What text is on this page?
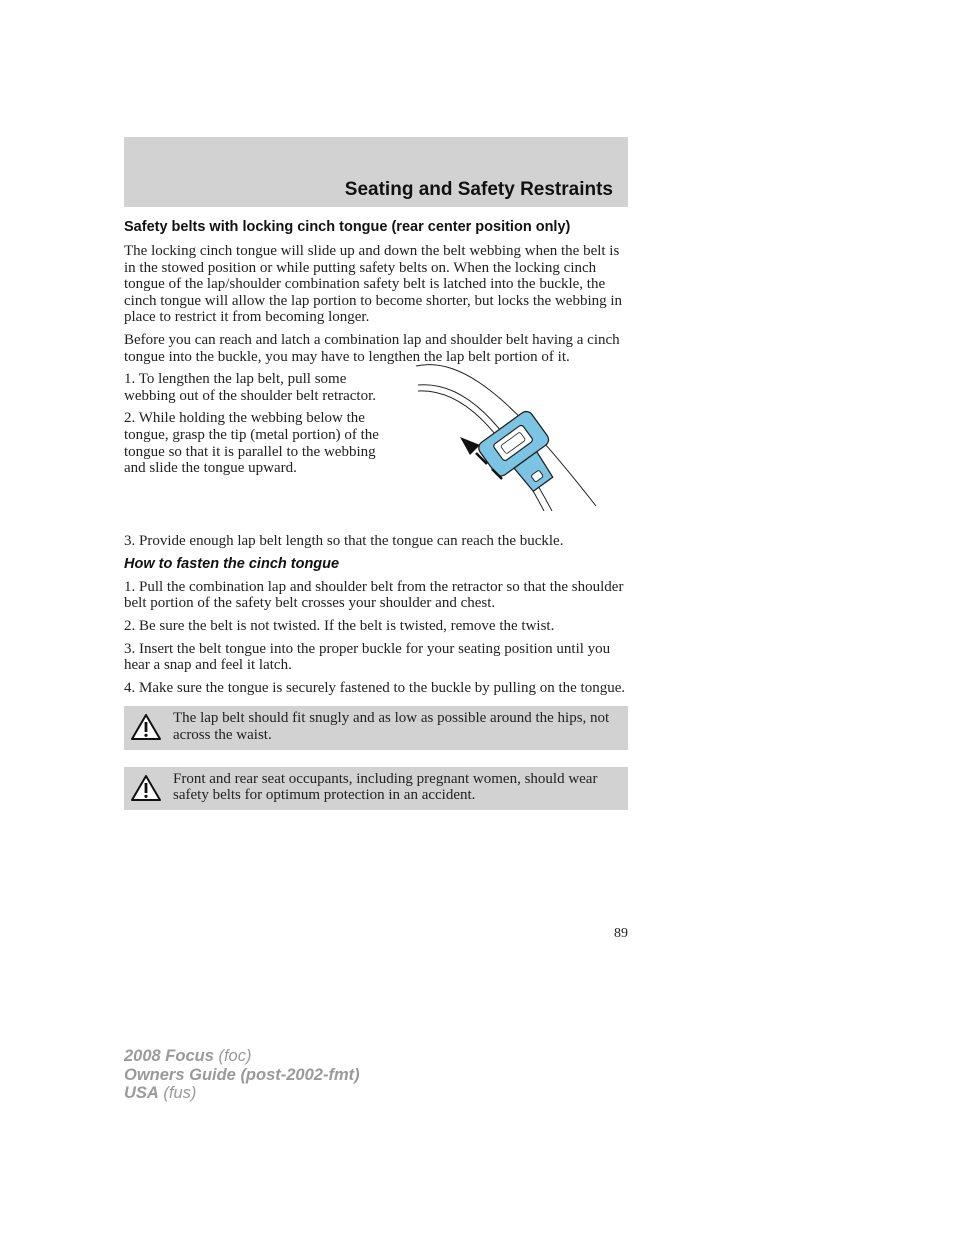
Seating and Safety Restraints
Safety belts with locking cinch tongue (rear center position only)

The locking cinch tongue will slide up and down the belt webbing when the belt is in the stowed position or while putting safety belts on. When the locking cinch tongue of the lap/shoulder combination safety belt is latched into the buckle, the cinch tongue will allow the lap portion to become shorter, but locks the webbing in place to restrict it from becoming longer.

Before you can reach and latch a combination lap and shoulder belt having a cinch tongue into the buckle, you may have to lengthen the lap belt portion of it.

1. To lengthen the lap belt, pull some webbing out of the shoulder belt retractor.

2. While holding the webbing below the tongue, grasp the tip (metal portion) of the tongue so that it is parallel to the webbing and slide the tongue upward.

3. Provide enough lap belt length so that the tongue can reach the buckle.

How to fasten the cinch tongue

1. Pull the combination lap and shoulder belt from the retractor so that the shoulder belt portion of the safety belt crosses your shoulder and chest.

2. Be sure the belt is not twisted. If the belt is twisted, remove the twist.

3. Insert the belt tongue into the proper buckle for your seating position until you hear a snap and feel it latch.

4. Make sure the tongue is securely fastened to the buckle by pulling on the tongue.

The lap belt should fit snugly and as low as possible around the hips, not across the waist.

Front and rear seat occupants, including pregnant women, should wear safety belts for optimum protection in an accident.

89
2008 Focus (foc)
Owners Guide (post-2002-fmt)
USA (fus)
